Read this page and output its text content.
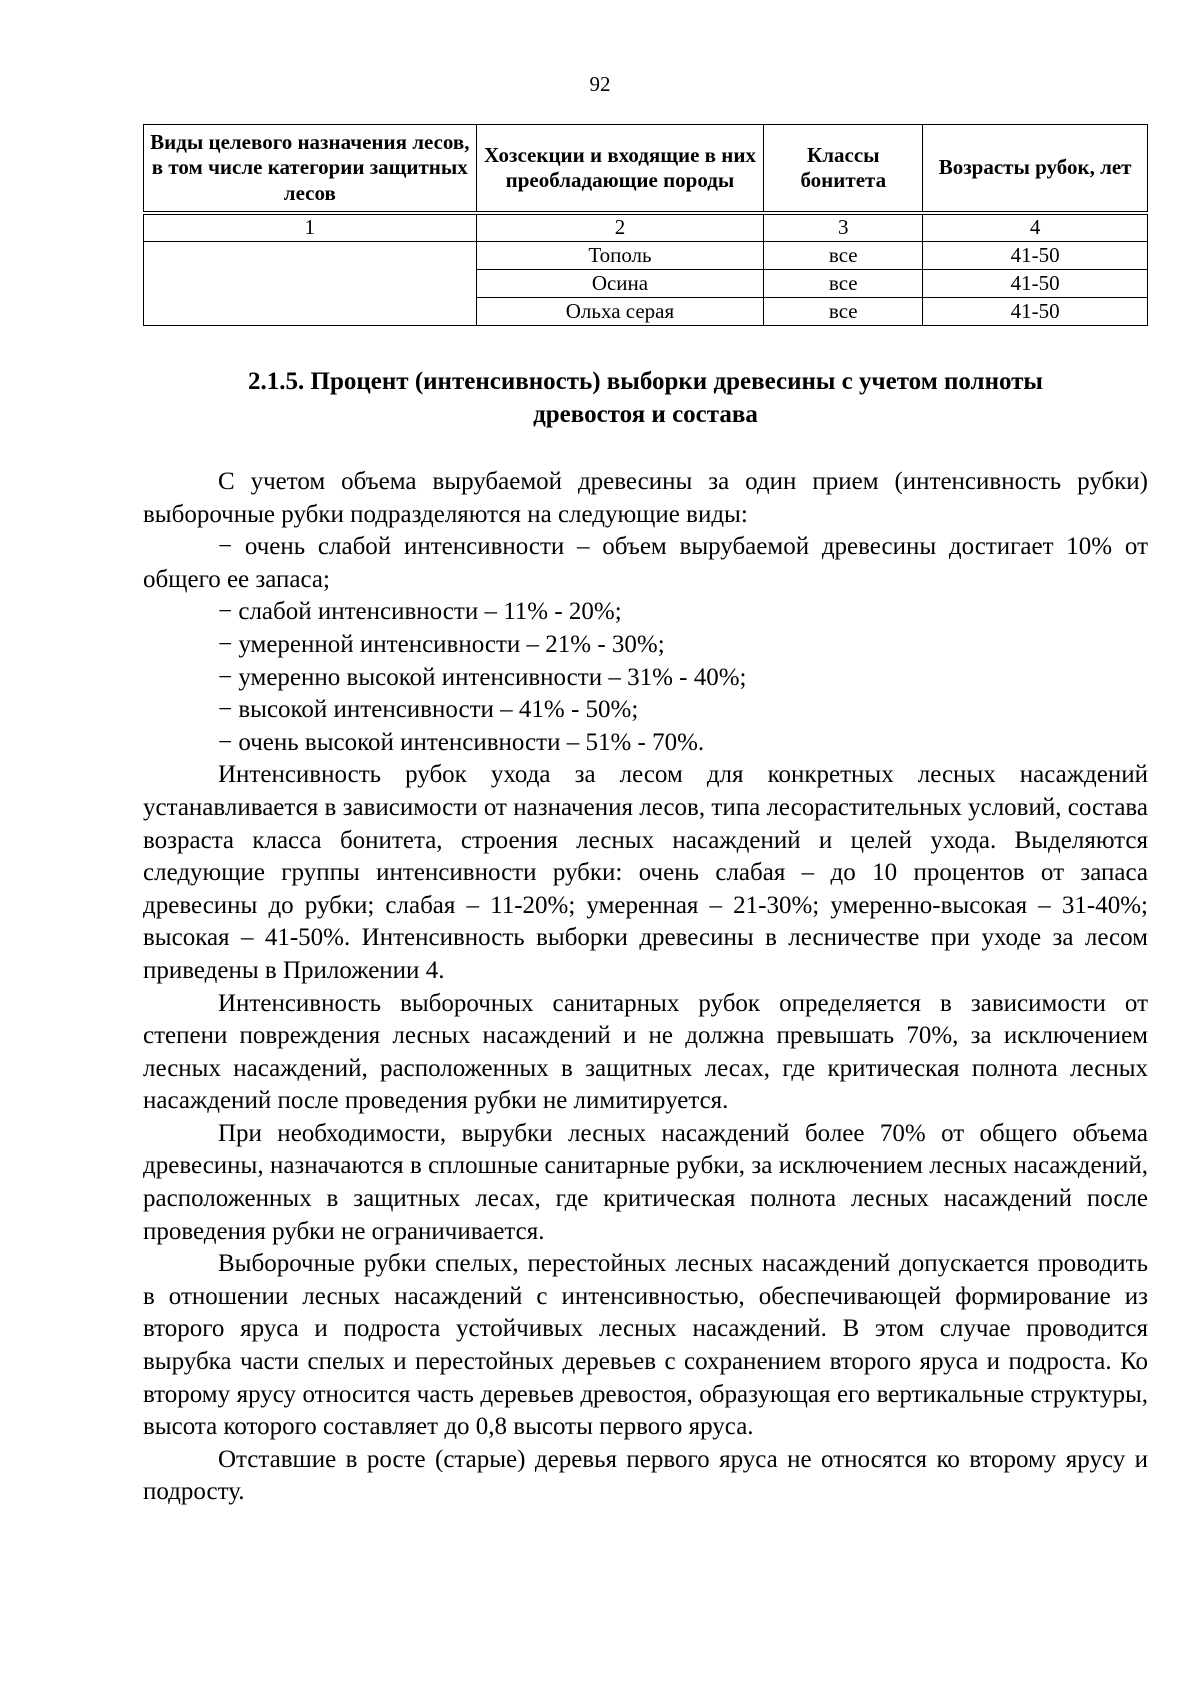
92
Виды целевого назначения лесов, в том числе категории защитных лесов	Хозсекции и входящие в них преобладающие породы	Классы бонитета	Возрасты рубок, лет
1	2	3	4
	Тополь	все	41-50
	Осина	все	41-50
	Ольха серая	все	41-50
2.1.5. Процент (интенсивность) выборки древесины с учетом полноты
древостоя и состава

С учетом объема вырубаемой древесины за один прием (интенсивность рубки) выборочные рубки подразделяются на следующие виды:

− очень слабой интенсивности – объем вырубаемой древесины достигает 10% от общего ее запаса;

− слабой интенсивности – 11% - 20%;

− умеренной интенсивности – 21% - 30%;

− умеренно высокой интенсивности – 31% - 40%;

− высокой интенсивности – 41% - 50%;

− очень высокой интенсивности – 51% - 70%.

Интенсивность рубок ухода за лесом для конкретных лесных насаждений устанавливается в зависимости от назначения лесов, типа лесорастительных условий, состава возраста класса бонитета, строения лесных насаждений и целей ухода. Выделяются следующие группы интенсивности рубки: очень слабая – до 10 процентов от запаса древесины до рубки; слабая – 11-20%; умеренная – 21-30%; умеренно-высокая – 31-40%; высокая – 41-50%. Интенсивность выборки древесины в лесничестве при уходе за лесом приведены в Приложении 4.

Интенсивность выборочных санитарных рубок определяется в зависимости от степени повреждения лесных насаждений и не должна превышать 70%, за исключением лесных насаждений, расположенных в защитных лесах, где критическая полнота лесных насаждений после проведения рубки не лимитируется.

При необходимости, вырубки лесных насаждений более 70% от общего объема древесины, назначаются в сплошные санитарные рубки, за исключением лесных насаждений, расположенных в защитных лесах, где критическая полнота лесных насаждений после проведения рубки не ограничивается.

Выборочные рубки спелых, перестойных лесных насаждений допускается проводить в отношении лесных насаждений с интенсивностью, обеспечивающей формирование из второго яруса и подроста устойчивых лесных насаждений. В этом случае проводится вырубка части спелых и перестойных деревьев с сохранением второго яруса и подроста. Ко второму ярусу относится часть деревьев древостоя, образующая его вертикальные структуры, высота которого составляет до 0,8 высоты первого яруса.

Отставшие в росте (старые) деревья первого яруса не относятся ко второму ярусу и подросту.
